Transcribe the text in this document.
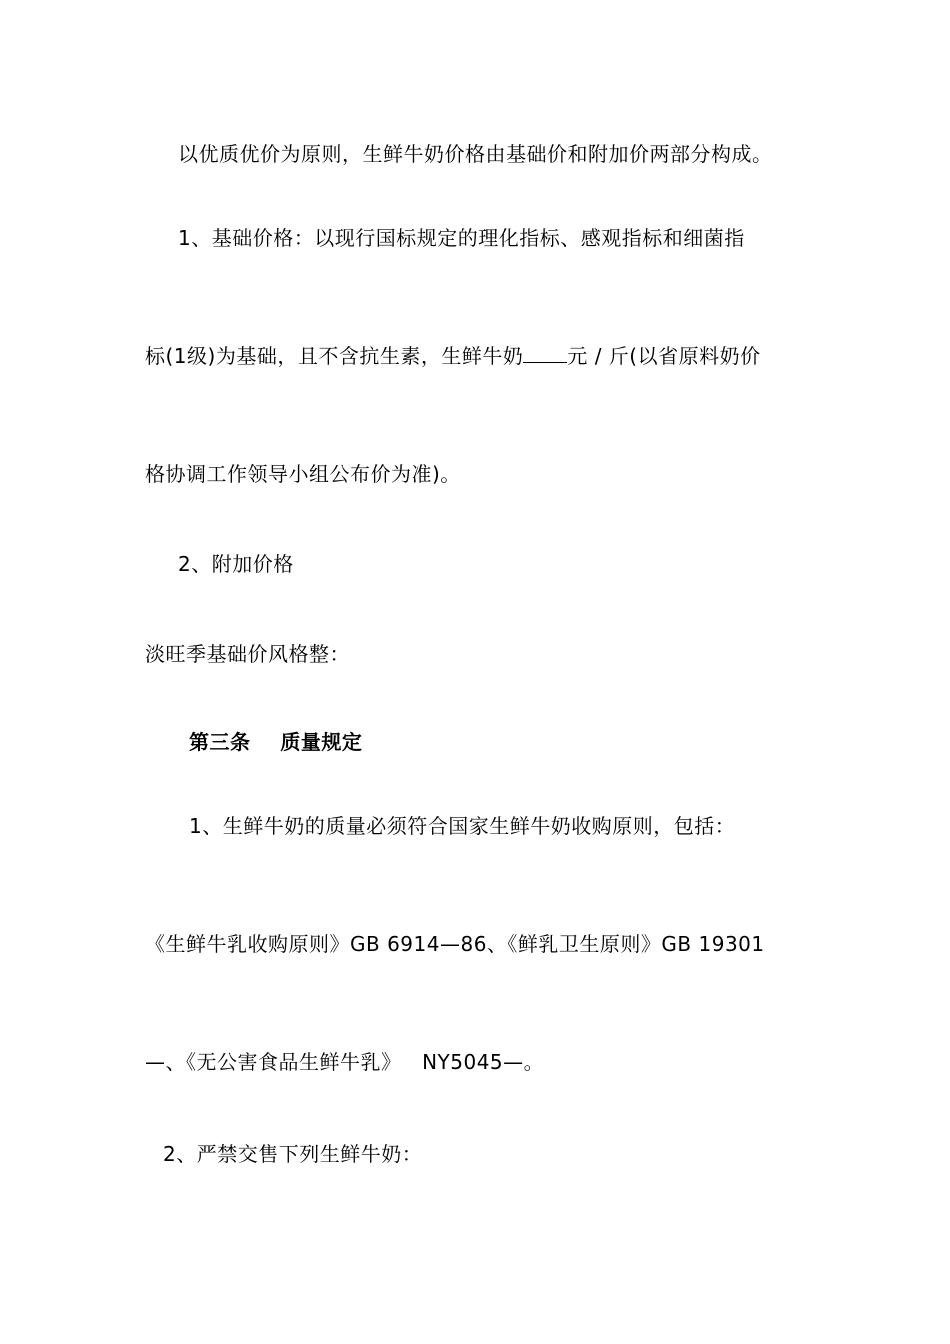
以优质优价为原则，生鲜牛奶价格由基础价和附加价两部分构成。
1、基础价格：以现行国标规定的理化指标、感观指标和细菌指
标(1级)为基础，且不含抗生素，生鲜牛奶 元 / 斤(以省原料奶价
格协调工作领导小组公布价为准)。
2、附加价格
淡旺季基础价风格整：
第三条    质量规定
1、生鲜牛奶的质量必须符合国家生鲜牛奶收购原则，包括：
《生鲜牛乳收购原则》GB 6914—86、《鲜乳卫生原则》GB 19301
—、《无公害食品生鲜牛乳》   NY5045—。
2、严禁交售下列生鲜牛奶：
